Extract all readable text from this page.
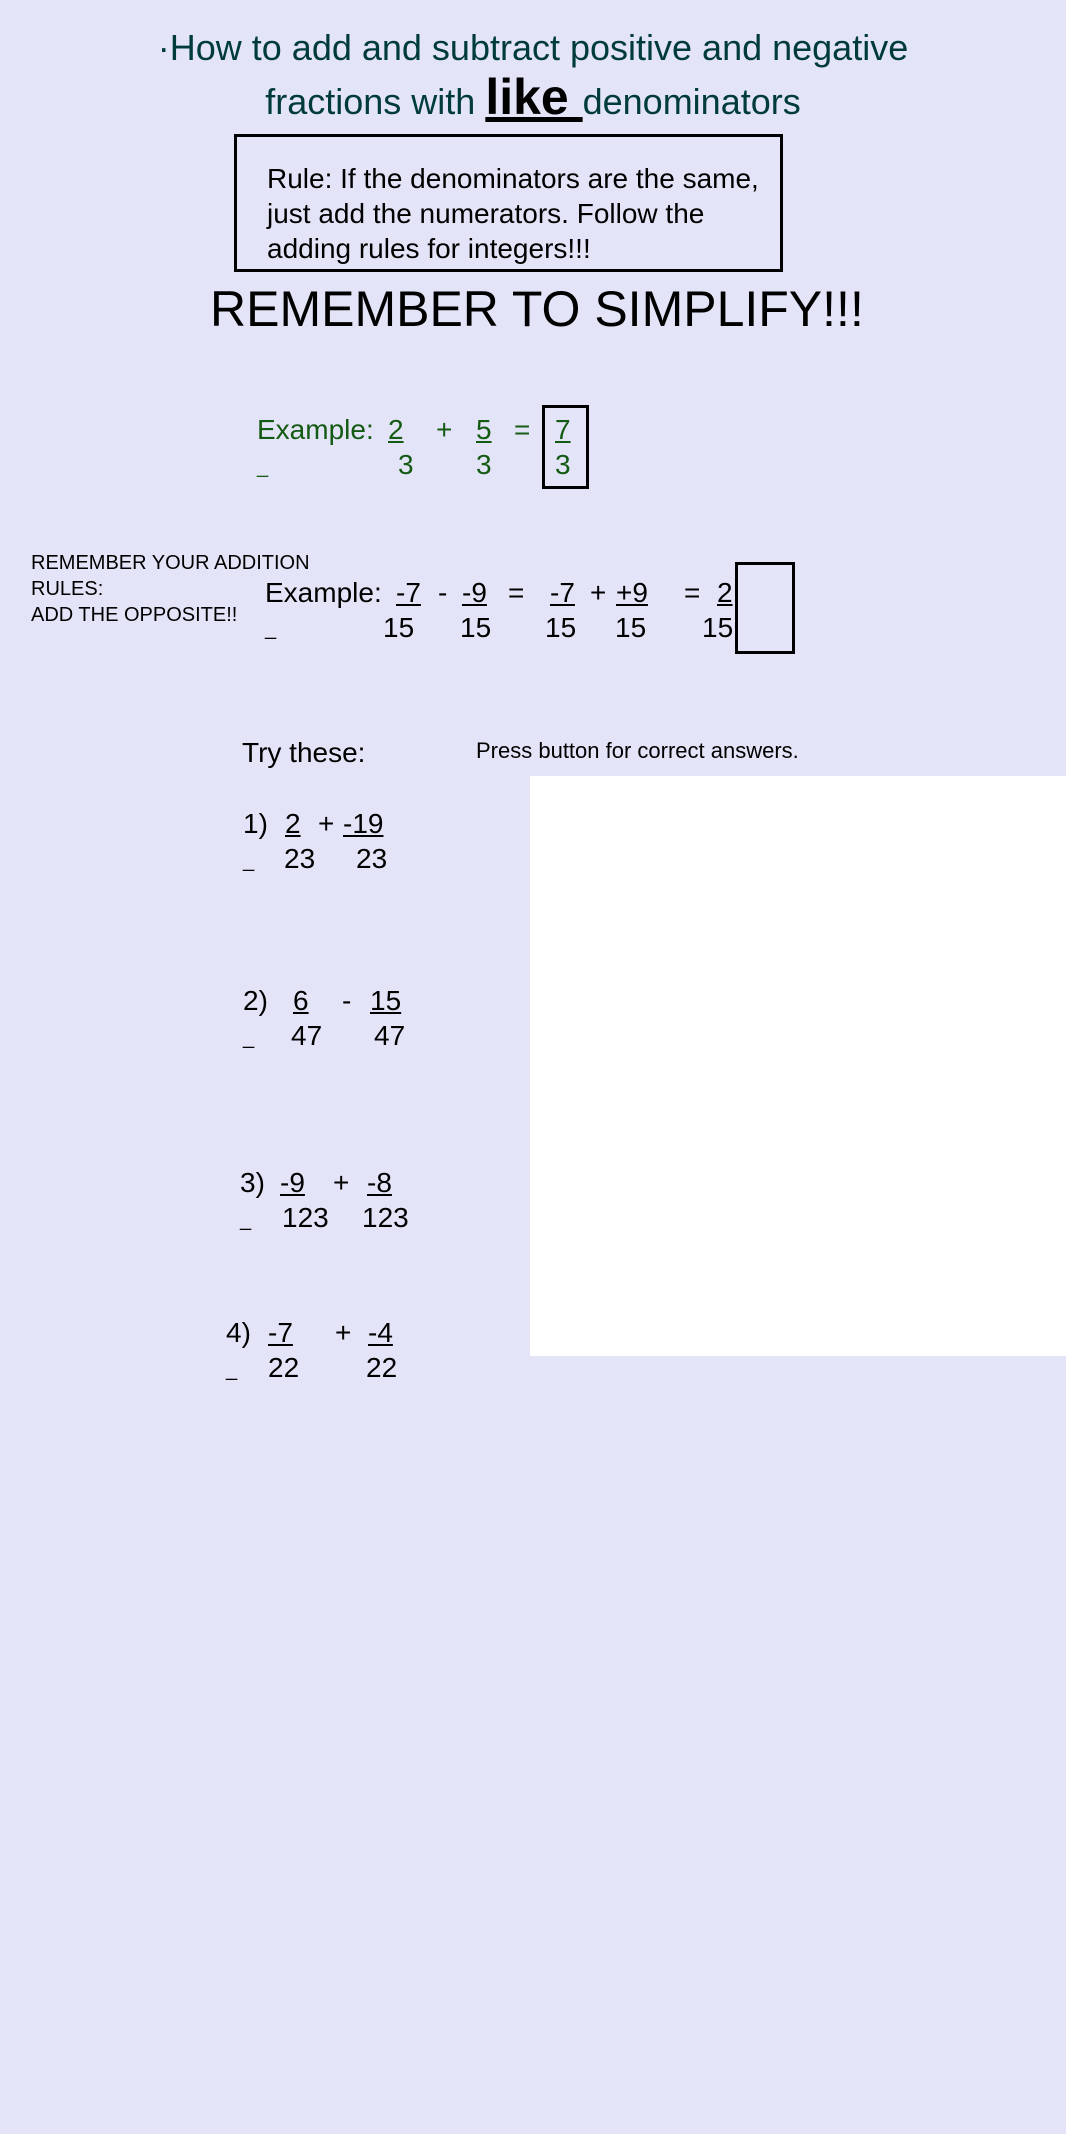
·How to add and subtract positive and negative
fractions with like denominators
Rule: If the denominators are the same, just add the numerators. Follow the adding rules for integers!!!
REMEMBER TO SIMPLIFY!!!
Example:
_
2
3
+ 5
3
= 7
3
REMEMBER YOUR ADDITION
RULES:
ADD THE OPPOSITE!!
Example:
_
-7
15
- -9
15
= -7
15
+ +9
15
= 2
15
Try these:	Press button for correct answers.
1)
_
2
23
+ -19
23
2)
_
6
47
- 15
47
3)
_
-9
123
+ -8
123
4)
_
-7
22
+ -4
22
